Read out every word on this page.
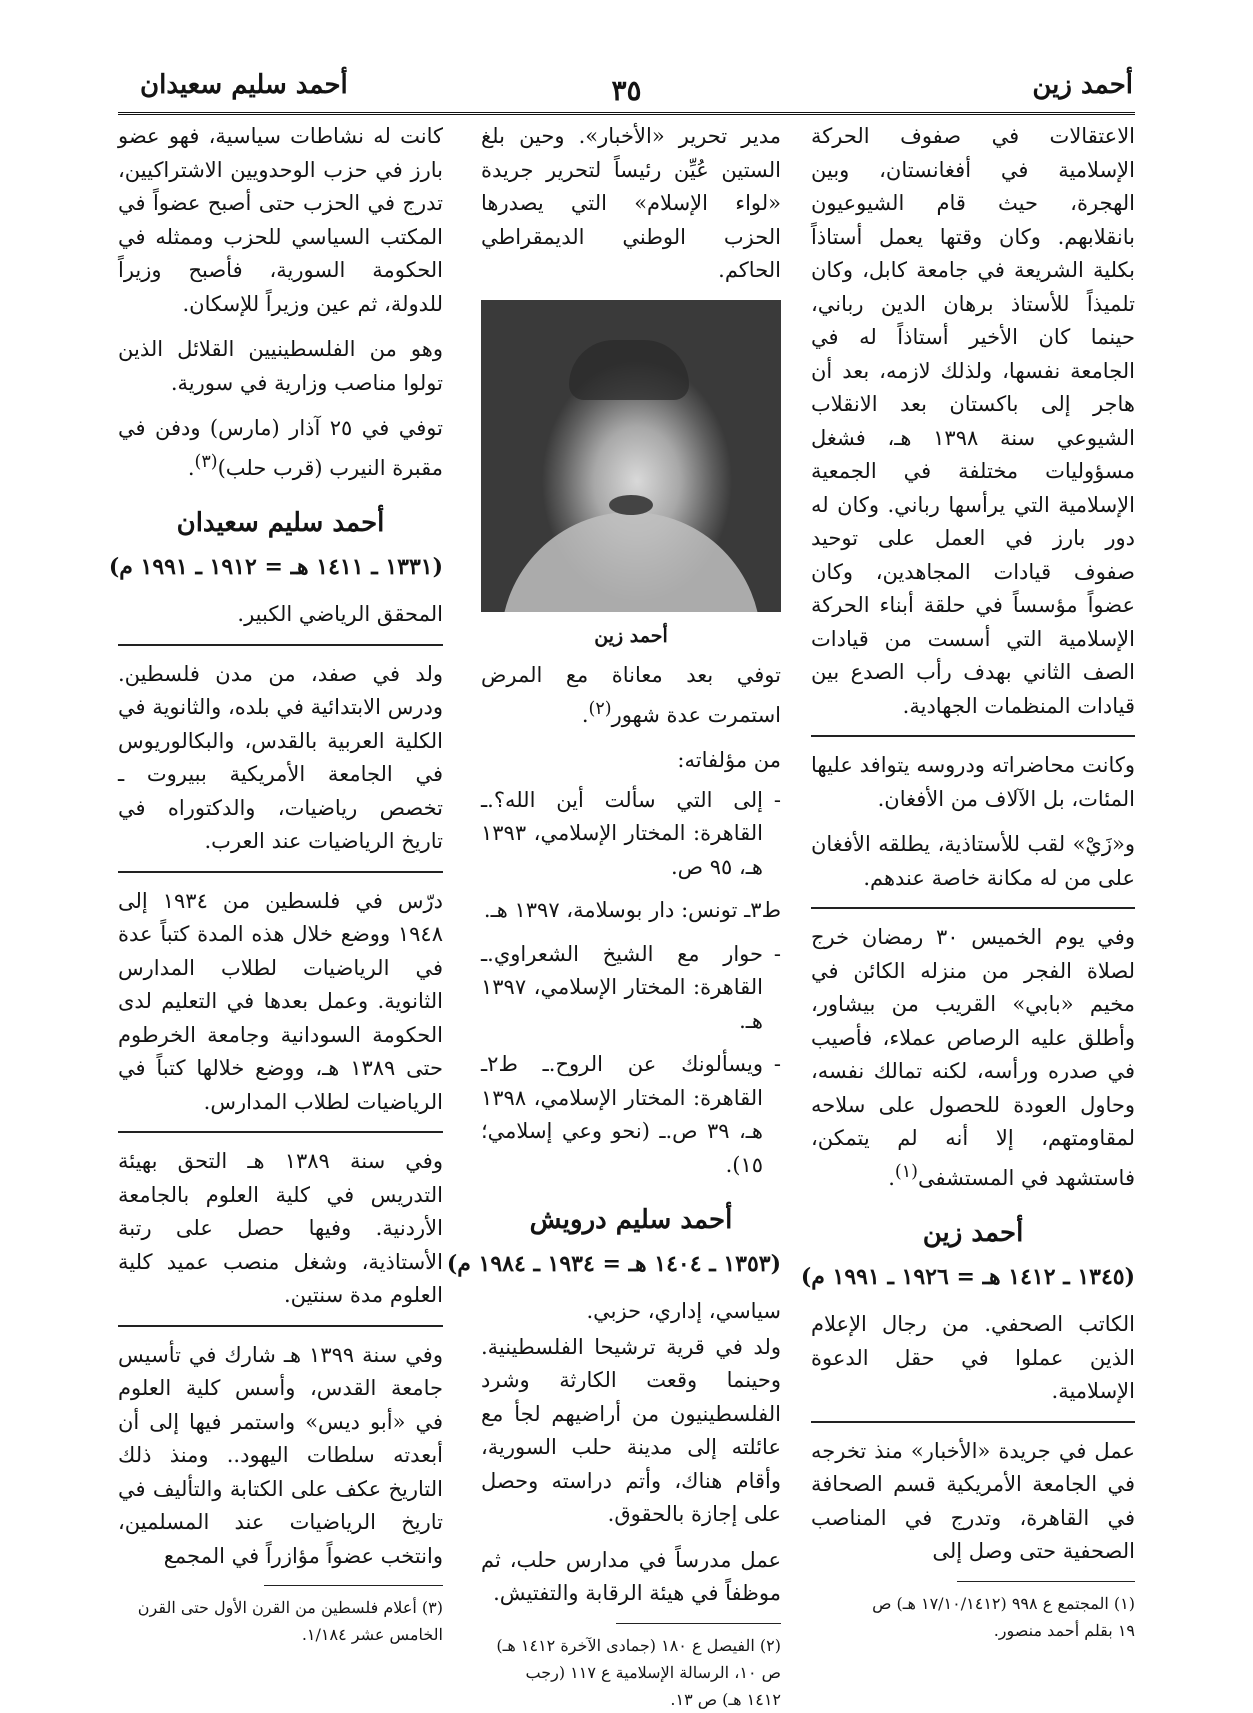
أحمد زين
٣٥
أحمد سليم سعيدان

الاعتقالات في صفوف الحركة الإسلامية في أفغانستان، وبين الهجرة، حيث قام الشيوعيون بانقلابهم. وكان وقتها يعمل أستاذاً بكلية الشريعة في جامعة كابل، وكان تلميذاً للأستاذ برهان الدين رباني، حينما كان الأخير أستاذاً له في الجامعة نفسها، ولذلك لازمه، بعد أن هاجر إلى باكستان بعد الانقلاب الشيوعي سنة ١٣٩٨ هـ، فشغل مسؤوليات مختلفة في الجمعية الإسلامية التي يرأسها رباني. وكان له دور بارز في العمل على توحيد صفوف قيادات المجاهدين، وكان عضواً مؤسساً في حلقة أبناء الحركة الإسلامية التي أسست من قيادات الصف الثاني بهدف رأب الصدع بين قيادات المنظمات الجهادية.

وكانت محاضراته ودروسه يتوافد عليها المئات، بل الآلاف من الأفغان.

و«زَيْ» لقب للأستاذية، يطلقه الأفغان على من له مكانة خاصة عندهم.

وفي يوم الخميس ٣٠ رمضان خرج لصلاة الفجر من منزله الكائن في مخيم «بابي» القريب من بيشاور، وأطلق عليه الرصاص عملاء، فأصيب في صدره ورأسه، لكنه تمالك نفسه، وحاول العودة للحصول على سلاحه لمقاومتهم، إلا أنه لم يتمكن، فاستشهد في المستشفى$^{(١)}$.

أحمد زين
(١٣٤٥ ـ ١٤١٢ هـ = ١٩٢٦ ـ ١٩٩١ م)

الكاتب الصحفي. من رجال الإعلام الذين عملوا في حقل الدعوة الإسلامية.

عمل في جريدة «الأخبار» منذ تخرجه في الجامعة الأمريكية قسم الصحافة في القاهرة، وتدرج في المناصب الصحفية حتى وصل إلى

(١) المجتمع ع ٩٩٨ (١٧/١٠/١٤١٢ هـ) ص
١٩ بقلم أحمد منصور.

مدير تحرير «الأخبار». وحين بلغ الستين عُيِّن رئيساً لتحرير جريدة «لواء الإسلام» التي يصدرها الحزب الوطني الديمقراطي الحاكم.

أحمد زين

توفي بعد معاناة مع المرض استمرت عدة شهور$^{(٢)}$.

من مؤلفاته:

- إلى التي سألت أين الله؟.ـ القاهرة: المختار الإسلامي، ١٣٩٣ هـ، ٩٥ ص.
ط٣ـ تونس: دار بوسلامة، ١٣٩٧ هـ.
- حوار مع الشيخ الشعراوي.ـ القاهرة: المختار الإسلامي، ١٣٩٧ هـ.
- ويسألونك عن الروح.ـ ط٢ـ القاهرة: المختار الإسلامي، ١٣٩٨ هـ، ٣٩ ص.ـ (نحو وعي إسلامي؛ ١٥).
أحمد سليم درويش
(١٣٥٣ ـ ١٤٠٤ هـ = ١٩٣٤ ـ ١٩٨٤ م)

سياسي، إداري، حزبي.

ولد في قرية ترشيحا الفلسطينية. وحينما وقعت الكارثة وشرد الفلسطينيون من أراضيهم لجأ مع عائلته إلى مدينة حلب السورية، وأقام هناك، وأتم دراسته وحصل على إجازة بالحقوق.

عمل مدرساً في مدارس حلب، ثم موظفاً في هيئة الرقابة والتفتيش.

(٢) الفيصل ع ١٨٠ (جمادى الآخرة ١٤١٢ هـ)
ص ١٠، الرسالة الإسلامية ع ١١٧ (رجب
١٤١٢ هـ) ص ١٣.

كانت له نشاطات سياسية، فهو عضو بارز في حزب الوحدويين الاشتراكيين، تدرج في الحزب حتى أصبح عضواً في المكتب السياسي للحزب وممثله في الحكومة السورية، فأصبح وزيراً للدولة، ثم عين وزيراً للإسكان.

وهو من الفلسطينيين القلائل الذين تولوا مناصب وزارية في سورية.

توفي في ٢٥ آذار (مارس) ودفن في مقبرة النيرب (قرب حلب)$^{(٣)}$.

أحمد سليم سعيدان
(١٣٣١ ـ ١٤١١ هـ = ١٩١٢ ـ ١٩٩١ م)

المحقق الرياضي الكبير.

ولد في صفد، من مدن فلسطين. ودرس الابتدائية في بلده، والثانوية في الكلية العربية بالقدس، والبكالوريوس في الجامعة الأمريكية ببيروت ـ تخصص رياضيات، والدكتوراه في تاريخ الرياضيات عند العرب.

درّس في فلسطين من ١٩٣٤ إلى ١٩٤٨ ووضع خلال هذه المدة كتباً عدة في الرياضيات لطلاب المدارس الثانوية. وعمل بعدها في التعليم لدى الحكومة السودانية وجامعة الخرطوم حتى ١٣٨٩ هـ، ووضع خلالها كتباً في الرياضيات لطلاب المدارس.

وفي سنة ١٣٨٩ هـ التحق بهيئة التدريس في كلية العلوم بالجامعة الأردنية. وفيها حصل على رتبة الأستاذية، وشغل منصب عميد كلية العلوم مدة سنتين.

وفي سنة ١٣٩٩ هـ شارك في تأسيس جامعة القدس، وأسس كلية العلوم في «أبو ديس» واستمر فيها إلى أن أبعدته سلطات اليهود.. ومنذ ذلك التاريخ عكف على الكتابة والتأليف في تاريخ الرياضيات عند المسلمين، وانتخب عضواً مؤازراً في المجمع

(٣) أعلام فلسطين من القرن الأول حتى القرن
الخامس عشر ١/١٨٤.
